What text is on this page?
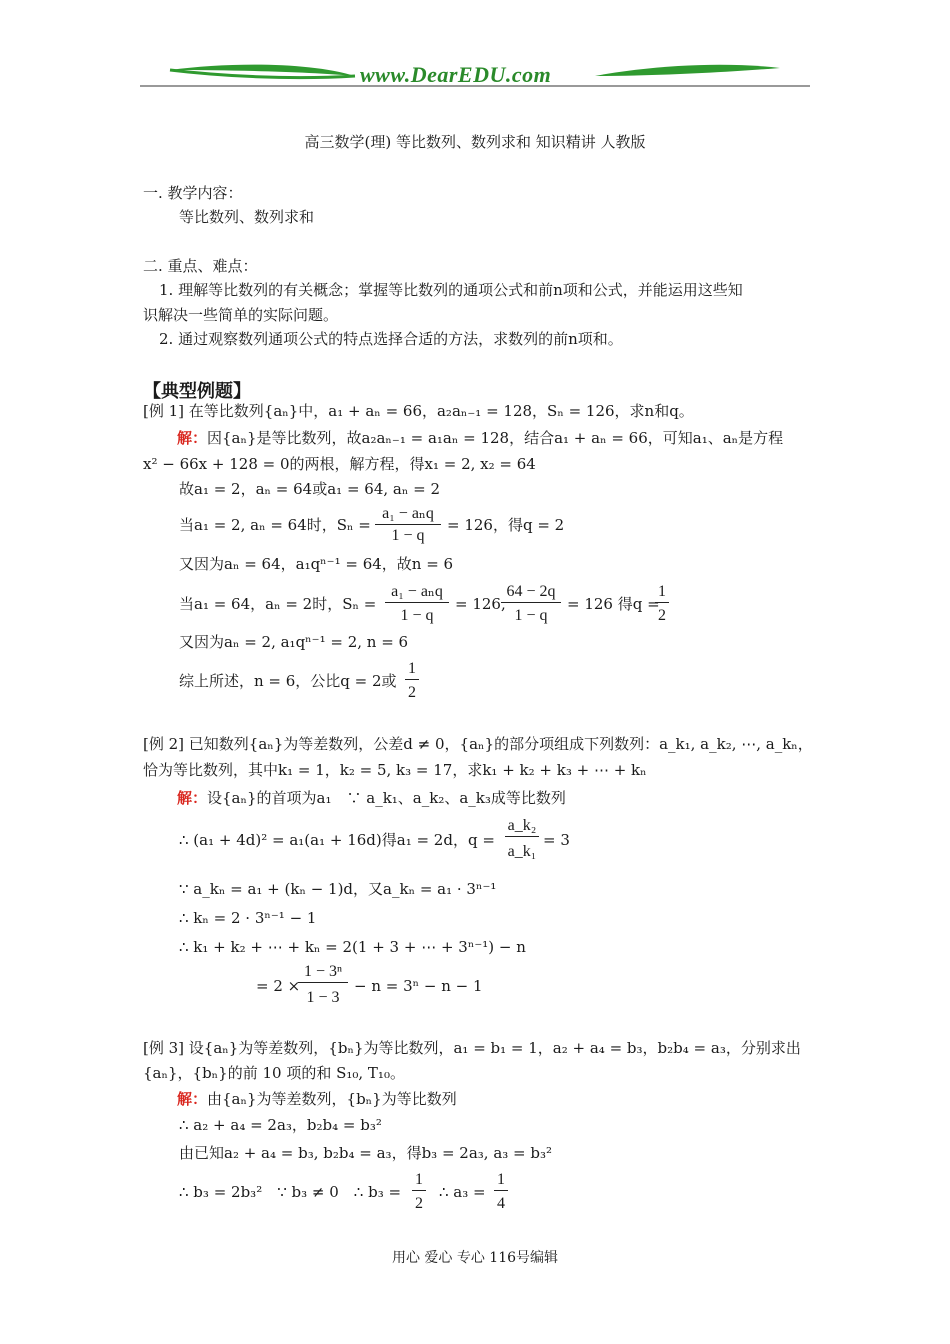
www.DearEDU.com
高三数学(理) 等比数列、数列求和 知识精讲 人教版
一. 教学内容：
等比数列、数列求和
二. 重点、难点：
1. 理解等比数列的有关概念；掌握等比数列的通项公式和前n项和公式，并能运用这些知
识解决一些简单的实际问题。
2. 通过观察数列通项公式的特点选择合适的方法，求数列的前n项和。
【典型例题】
[例 1] 在等比数列{aₙ}中，a₁ + aₙ = 66，a₂aₙ₋₁ = 128，Sₙ = 126，求n和q。
解：因{aₙ}是等比数列，故a₂aₙ₋₁ = a₁aₙ = 128，结合a₁ + aₙ = 66，可知a₁、aₙ是方程
x² − 66x + 128 = 0的两根，解方程，得x₁ = 2, x₂ = 64
故a₁ = 2，aₙ = 64或a₁ = 64, aₙ = 2
当a₁ = 2, aₙ = 64时，Sₙ =
a₁ − aₙq
1 − q
= 126，得q = 2
又因为aₙ = 64，a₁qⁿ⁻¹ = 64，故n = 6
当a₁ = 64，aₙ = 2时，Sₙ =
a₁ − aₙq
1 − q
= 126,
64 − 2q
1 − q
= 126 得q =
1
2
又因为aₙ = 2, a₁qⁿ⁻¹ = 2, n = 6
综上所述，n = 6，公比q = 2或
1
2
[例 2] 已知数列{aₙ}为等差数列，公差d ≠ 0，{aₙ}的部分项组成下列数列：a_k₁, a_k₂, ⋯, a_kₙ，
恰为等比数列，其中k₁ = 1，k₂ = 5, k₃ = 17，求k₁ + k₂ + k₃ + ⋯ + kₙ
解：设{aₙ}的首项为a₁　∵ a_k₁、a_k₂、a_k₃成等比数列
∴ (a₁ + 4d)² = a₁(a₁ + 16d)得a₁ = 2d，q =
a_k₂
a_k₁
= 3
∵ a_kₙ = a₁ + (kₙ − 1)d，又a_kₙ = a₁ · 3ⁿ⁻¹
∴ kₙ = 2 · 3ⁿ⁻¹ − 1
∴ k₁ + k₂ + ⋯ + kₙ = 2(1 + 3 + ⋯ + 3ⁿ⁻¹) − n
= 2 ×
1 − 3ⁿ
1 − 3
− n = 3ⁿ − n − 1
[例 3] 设{aₙ}为等差数列，{bₙ}为等比数列，a₁ = b₁ = 1，a₂ + a₄ = b₃，b₂b₄ = a₃，分别求出
{aₙ}，{bₙ}的前 10 项的和 S₁₀, T₁₀。
解：由{aₙ}为等差数列，{bₙ}为等比数列
∴ a₂ + a₄ = 2a₃，b₂b₄ = b₃²
由已知a₂ + a₄ = b₃, b₂b₄ = a₃，得b₃ = 2a₃, a₃ = b₃²
∴ b₃ = 2b₃²　∵ b₃ ≠ 0　∴ b₃ =
1
2
∴ a₃ =
1
4
用心 爱心 专心 116号编辑
